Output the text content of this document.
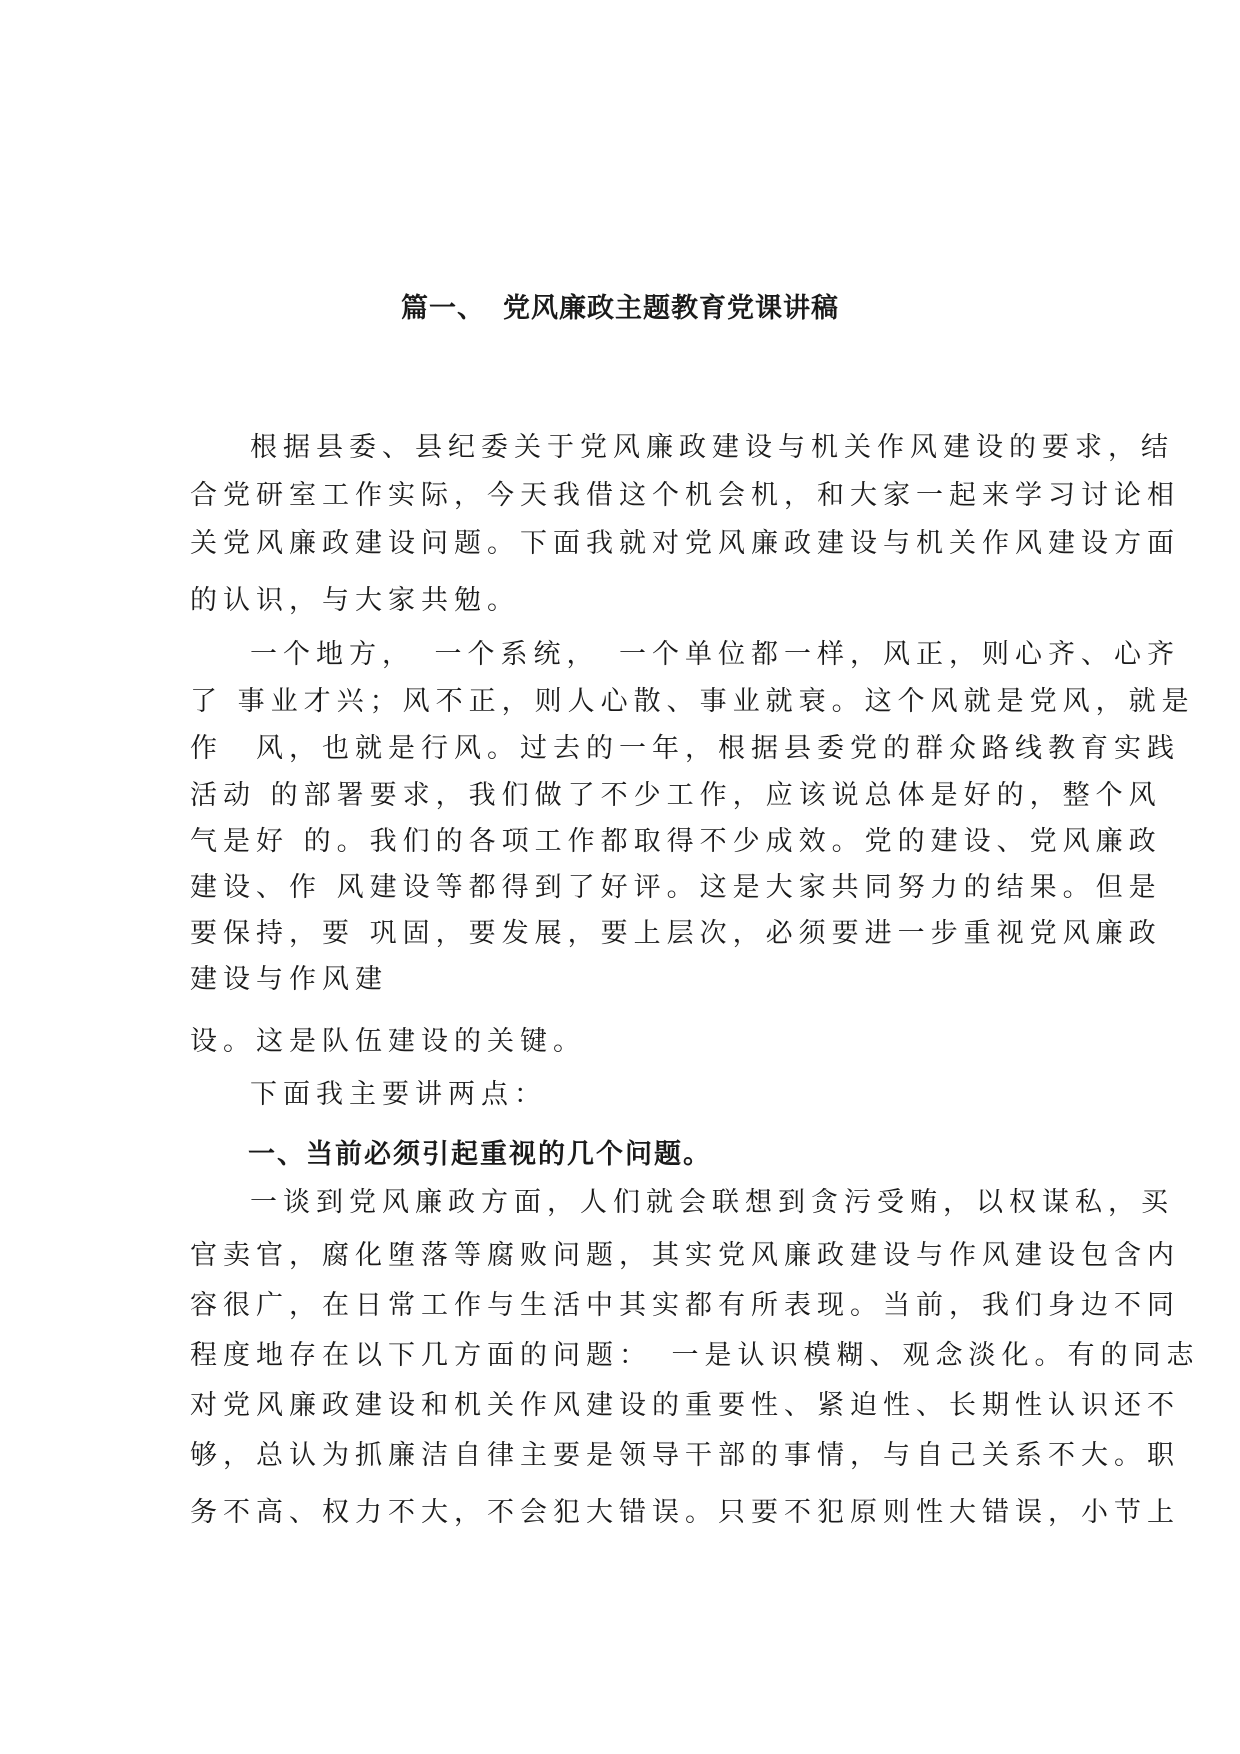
篇一、 党风廉政主题教育党课讲稿
根据县委、县纪委关于党风廉政建设与机关作风建设的要求，结
合党研室工作实际，今天我借这个机会机，和大家一起来学习讨论相
关党风廉政建设问题。下面我就对党风廉政建设与机关作风建设方面
的认识，与大家共勉。
一个地方，　一个系统，　一个单位都一样，风正，则心齐、心齐
了 事业才兴；风不正，则人心散、事业就衰。这个风就是党风，就是
作　风，也就是行风。过去的一年，根据县委党的群众路线教育实践
活动 的部署要求，我们做了不少工作，应该说总体是好的，整个风
气是好 的。我们的各项工作都取得不少成效。党的建设、党风廉政
建设、作 风建设等都得到了好评。这是大家共同努力的结果。但是
要保持，要 巩固，要发展，要上层次，必须要进一步重视党风廉政
建设与作风建
设。这是队伍建设的关键。
下面我主要讲两点：
一、当前必须引起重视的几个问题。
一谈到党风廉政方面，人们就会联想到贪污受贿，以权谋私，买
官卖官，腐化堕落等腐败问题，其实党风廉政建设与作风建设包含内
容很广，在日常工作与生活中其实都有所表现。当前，我们身边不同
程度地存在以下几方面的问题：　一是认识模糊、观念淡化。有的同志
对党风廉政建设和机关作风建设的重要性、紧迫性、长期性认识还不
够，总认为抓廉洁自律主要是领导干部的事情，与自己关系不大。职
务不高、权力不大，不会犯大错误。只要不犯原则性大错误，小节上
